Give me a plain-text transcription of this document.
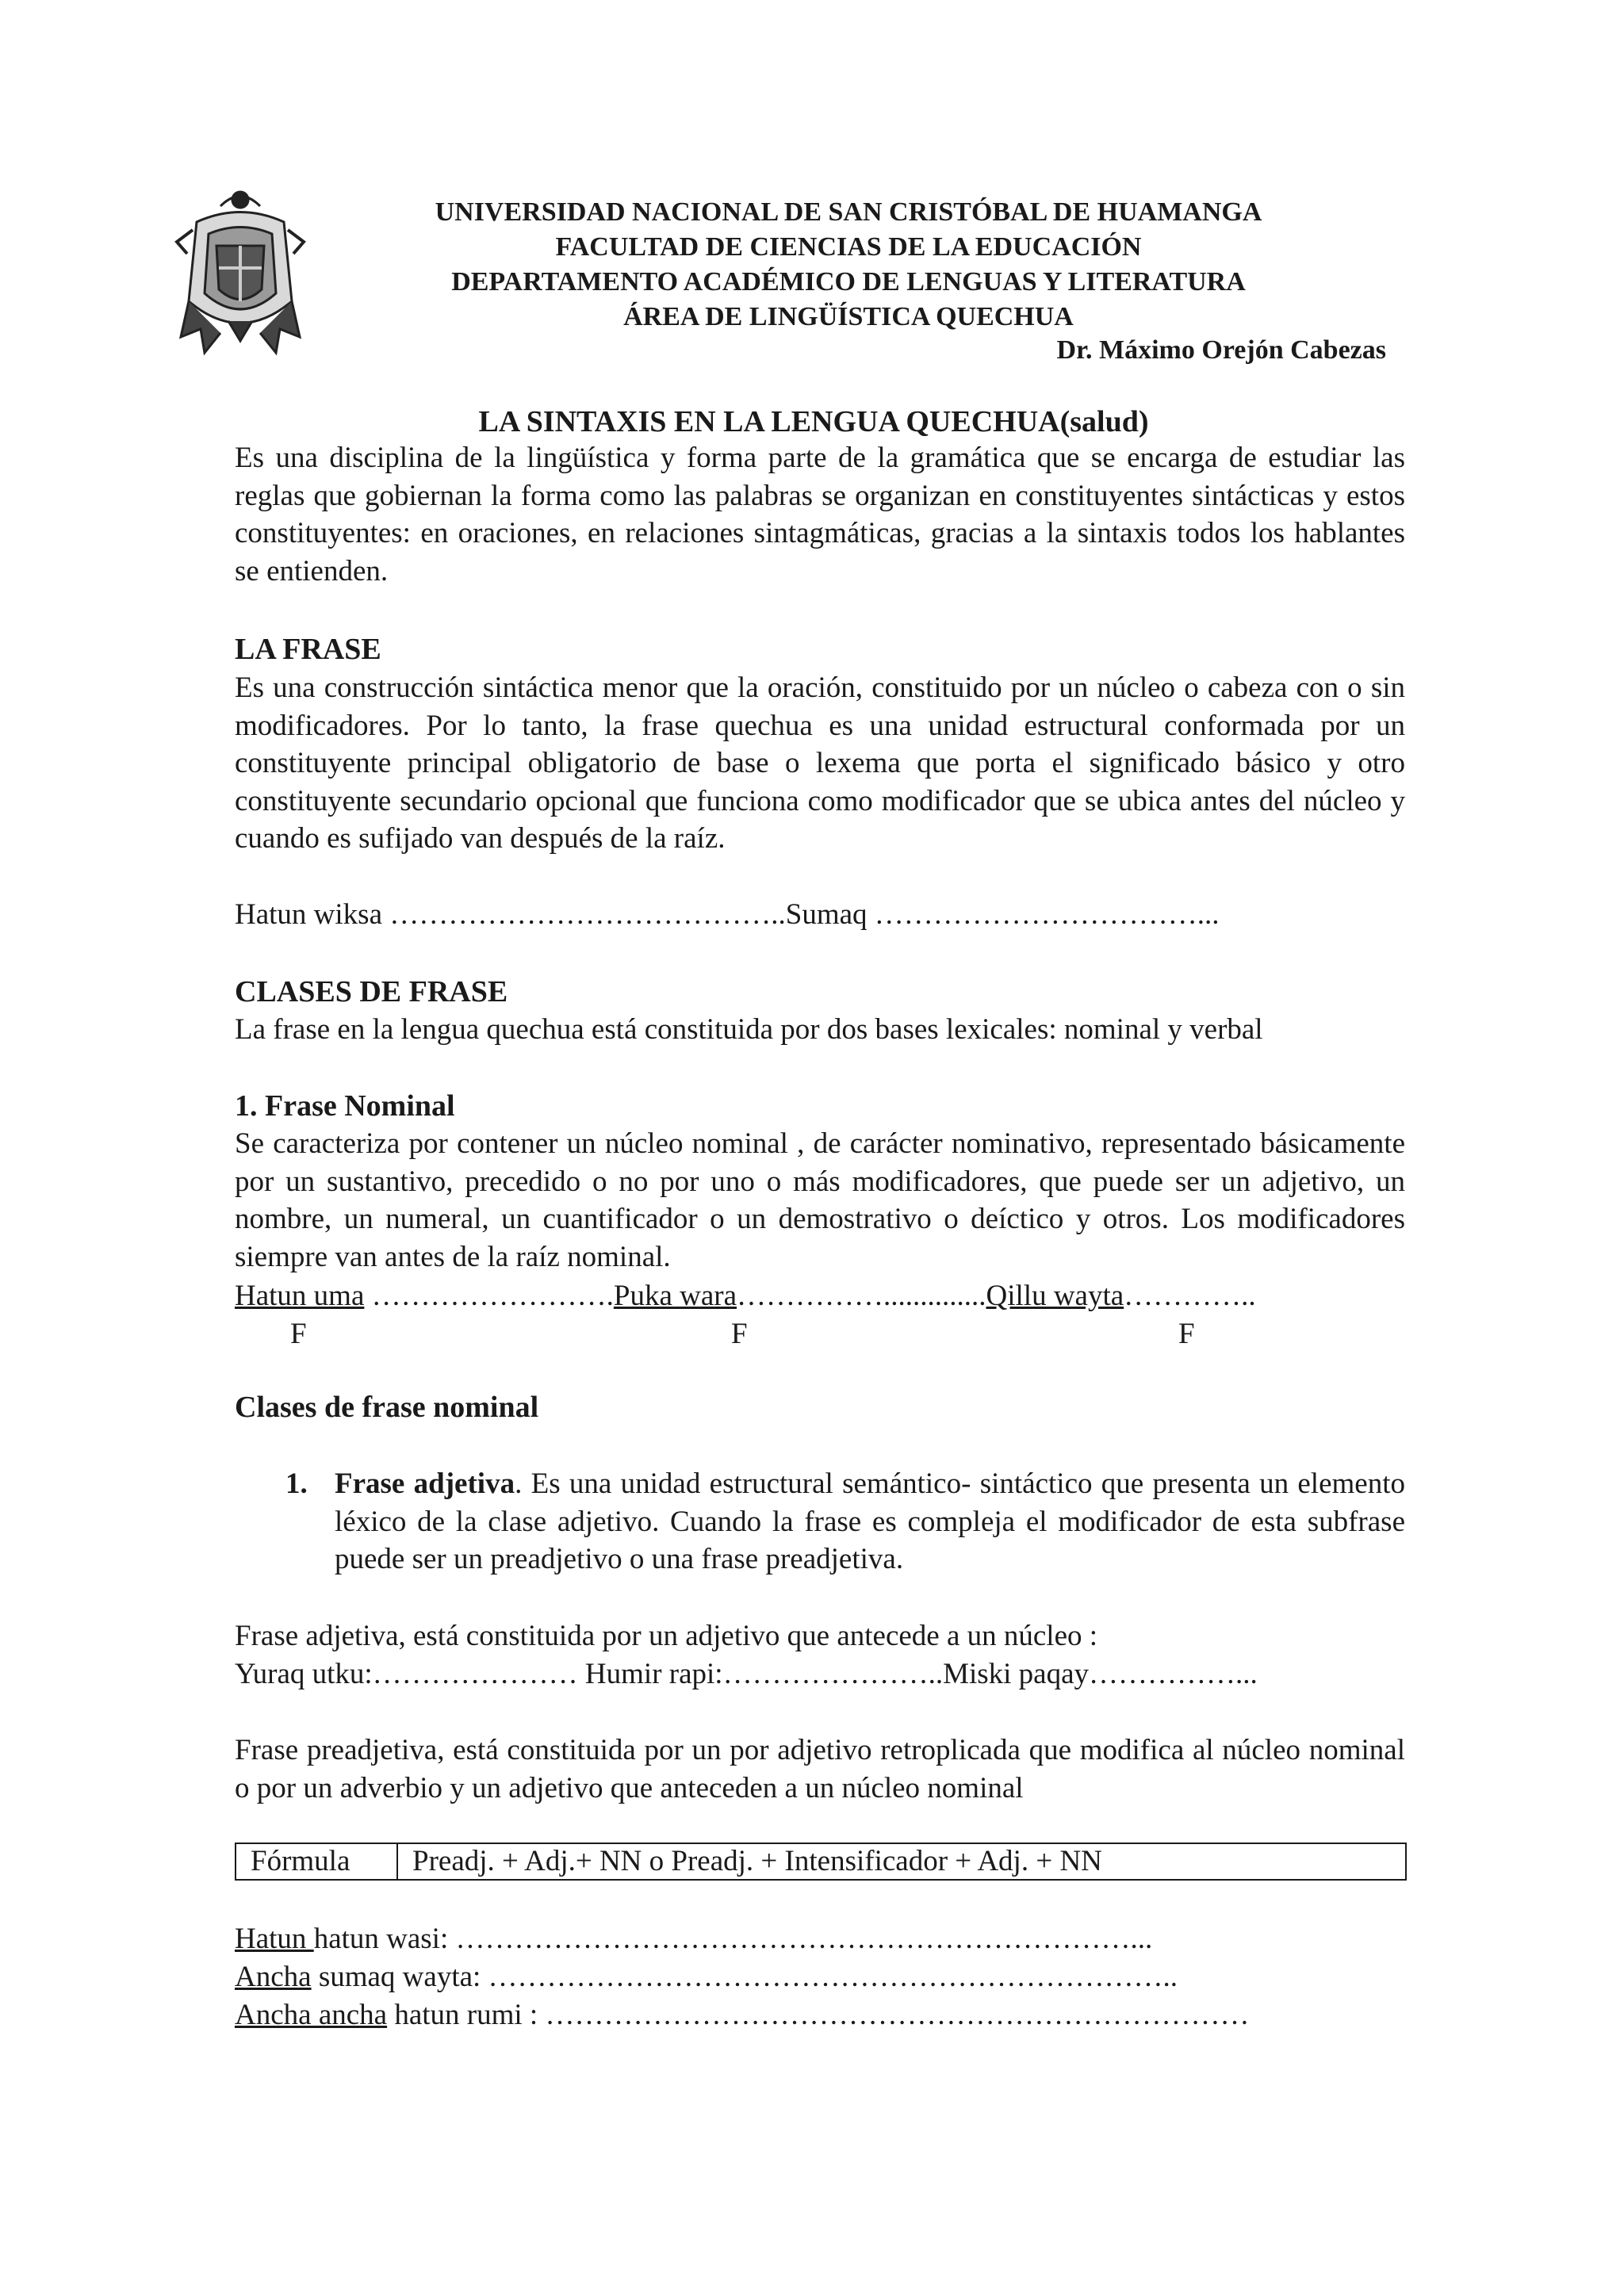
UNIVERSIDAD NACIONAL DE SAN CRISTÓBAL DE HUAMANGA
FACULTAD DE CIENCIAS DE LA EDUCACIÓN
DEPARTAMENTO ACADÉMICO DE LENGUAS Y LITERATURA
ÁREA DE LINGÜÍSTICA QUECHUA
Dr. Máximo Orejón Cabezas
LA SINTAXIS EN LA LENGUA QUECHUA(salud)
Es una disciplina de la lingüística y forma parte de la gramática que se encarga de estudiar las reglas que gobiernan la forma como las palabras se organizan en constituyentes sintácticas y estos constituyentes: en oraciones, en relaciones sintagmáticas, gracias a la sintaxis todos los hablantes se entienden.
LA FRASE
Es una construcción sintáctica menor que la oración, constituido por un núcleo o cabeza con o sin modificadores. Por lo tanto, la frase quechua es una unidad estructural conformada por un constituyente principal obligatorio de base o lexema que porta el significado básico y otro constituyente secundario opcional que funciona como modificador que se ubica antes del núcleo y cuando es sufijado van después de la raíz.
Hatun wiksa …………………………………..Sumaq ……………………………...
CLASES DE FRASE
La frase en la lengua quechua está constituida por dos bases lexicales: nominal y verbal
1. Frase Nominal
Se caracteriza por contener un núcleo nominal , de carácter nominativo, representado básicamente por un sustantivo, precedido o no por uno o más modificadores, que puede ser un adjetivo, un nombre, un numeral, un cuantificador o un demostrativo o deíctico y otros. Los modificadores siempre van antes de la raíz nominal.
Hatun uma …………………….Puka wara……………..............Qillu wayta…………..
F	F	F
Clases de frase nominal
1. Frase adjetiva. Es una unidad estructural semántico- sintáctico que presenta un elemento léxico de la clase adjetivo. Cuando la frase es compleja el modificador de esta subfrase puede ser un preadjetivo o una frase preadjetiva.
Frase adjetiva, está constituida por un adjetivo que antecede a un núcleo :
Yuraq utku:………………… Humir rapi:…………………..Miski paqay……………...
Frase preadjetiva, está constituida por un por adjetivo retroplicada que modifica al núcleo nominal o por un adverbio y un adjetivo que anteceden a un núcleo nominal
Fórmula	Preadj. + Adj.+ NN o Preadj. + Intensificador + Adj. + NN
Hatun hatun wasi: ……………………………………………………………...
Ancha sumaq wayta: ……………………………………………………………..
Ancha ancha hatun rumi : ………………………………………………………………
